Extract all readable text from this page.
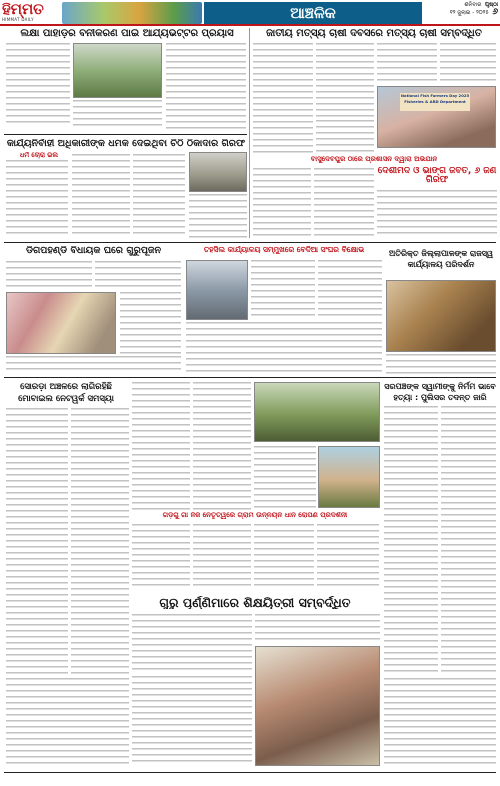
ହିମ୍ମତ
HIMMAT DAILY	ଆଞ୍ଚଳିକ	ଶନିବାର ପୃଷ୍ଠା
୧୨ ଜୁଲାଇ - ୨୦୨୫ ୬
ଲକ୍ଷା ପାହାଡ଼ର ବନୀକରଣ ପାଇଁ ଆର୍ଯ୍ୟଭଟ୍ଟର ପ୍ରୟାସ	ଜାତୀୟ ମତ୍ସ୍ୟ ଚାଷୀ ଦିବସରେ ମତ୍ସ୍ୟ ଚାଷୀ ସମ୍ବର୍ଦ୍ଧିତ
National Fish Farmers Day 2025
Fisheries & ARD Department
କାର୍ଯ୍ୟନିର୍ବାହୀ ଅଧିକାରୀଙ୍କ ଧମକ ଦେଇଥିବା ଚିଠି ଠିକାଦାର ଗିରଫ
ଧର୍ମ ଚୋରା ଭଲ	ବାସୁଦେବପୁର ଠାରେ ପ୍ରଶାସନ ଦ୍ୱାରା ଅଭିଯାନ
ଦେଶୀମଦ ଓ ଭାଙ୍ଗ ଜବତ, ୬ ଜଣ ଗିରଫ
ଡିଗପହଣ୍ଡି ବିଧାୟକ ଘରେ ଗୁରୁପୂଜନ	ତହସିଲ କାର୍ଯ୍ୟାଳୟ ସମ୍ମୁଖରେ ବେଦିଆ ସଂଘର ବିକ୍ଷୋଭ	ଅତିରିକ୍ତ ଜିଲ୍ଲାପାଳଙ୍କ ରାଜସ୍ୱ କାର୍ଯ୍ୟାଳୟ ପରିଦର୍ଶନ
ସୋରଡ଼ା ଅଞ୍ଚଳରେ ଲାଗିରହିଛି ମୋବାଇଲ ନେଟୱର୍କ ସମସ୍ୟା
ଗଡ଼ଗୁ ଗାଁ ନିଜ ନେତୃତ୍ୱରେ ଗ୍ରାମ ଉନ୍ନୟନ ଧାନ ରୋପଣ ପ୍ରଦର୍ଶନୀ
ସରପଞ୍ଚଙ୍କ ସ୍ୱାମୀଙ୍କୁ ନିର୍ମମ ଭାବେ ହତ୍ୟା : ପୁଲିସର ତଦନ୍ତ ଜାରି
ଗୁରୁ ପୂର୍ଣ୍ଣିମାରେ ଶିକ୍ଷୟିତ୍ରୀ ସମ୍ବର୍ଦ୍ଧିତ
